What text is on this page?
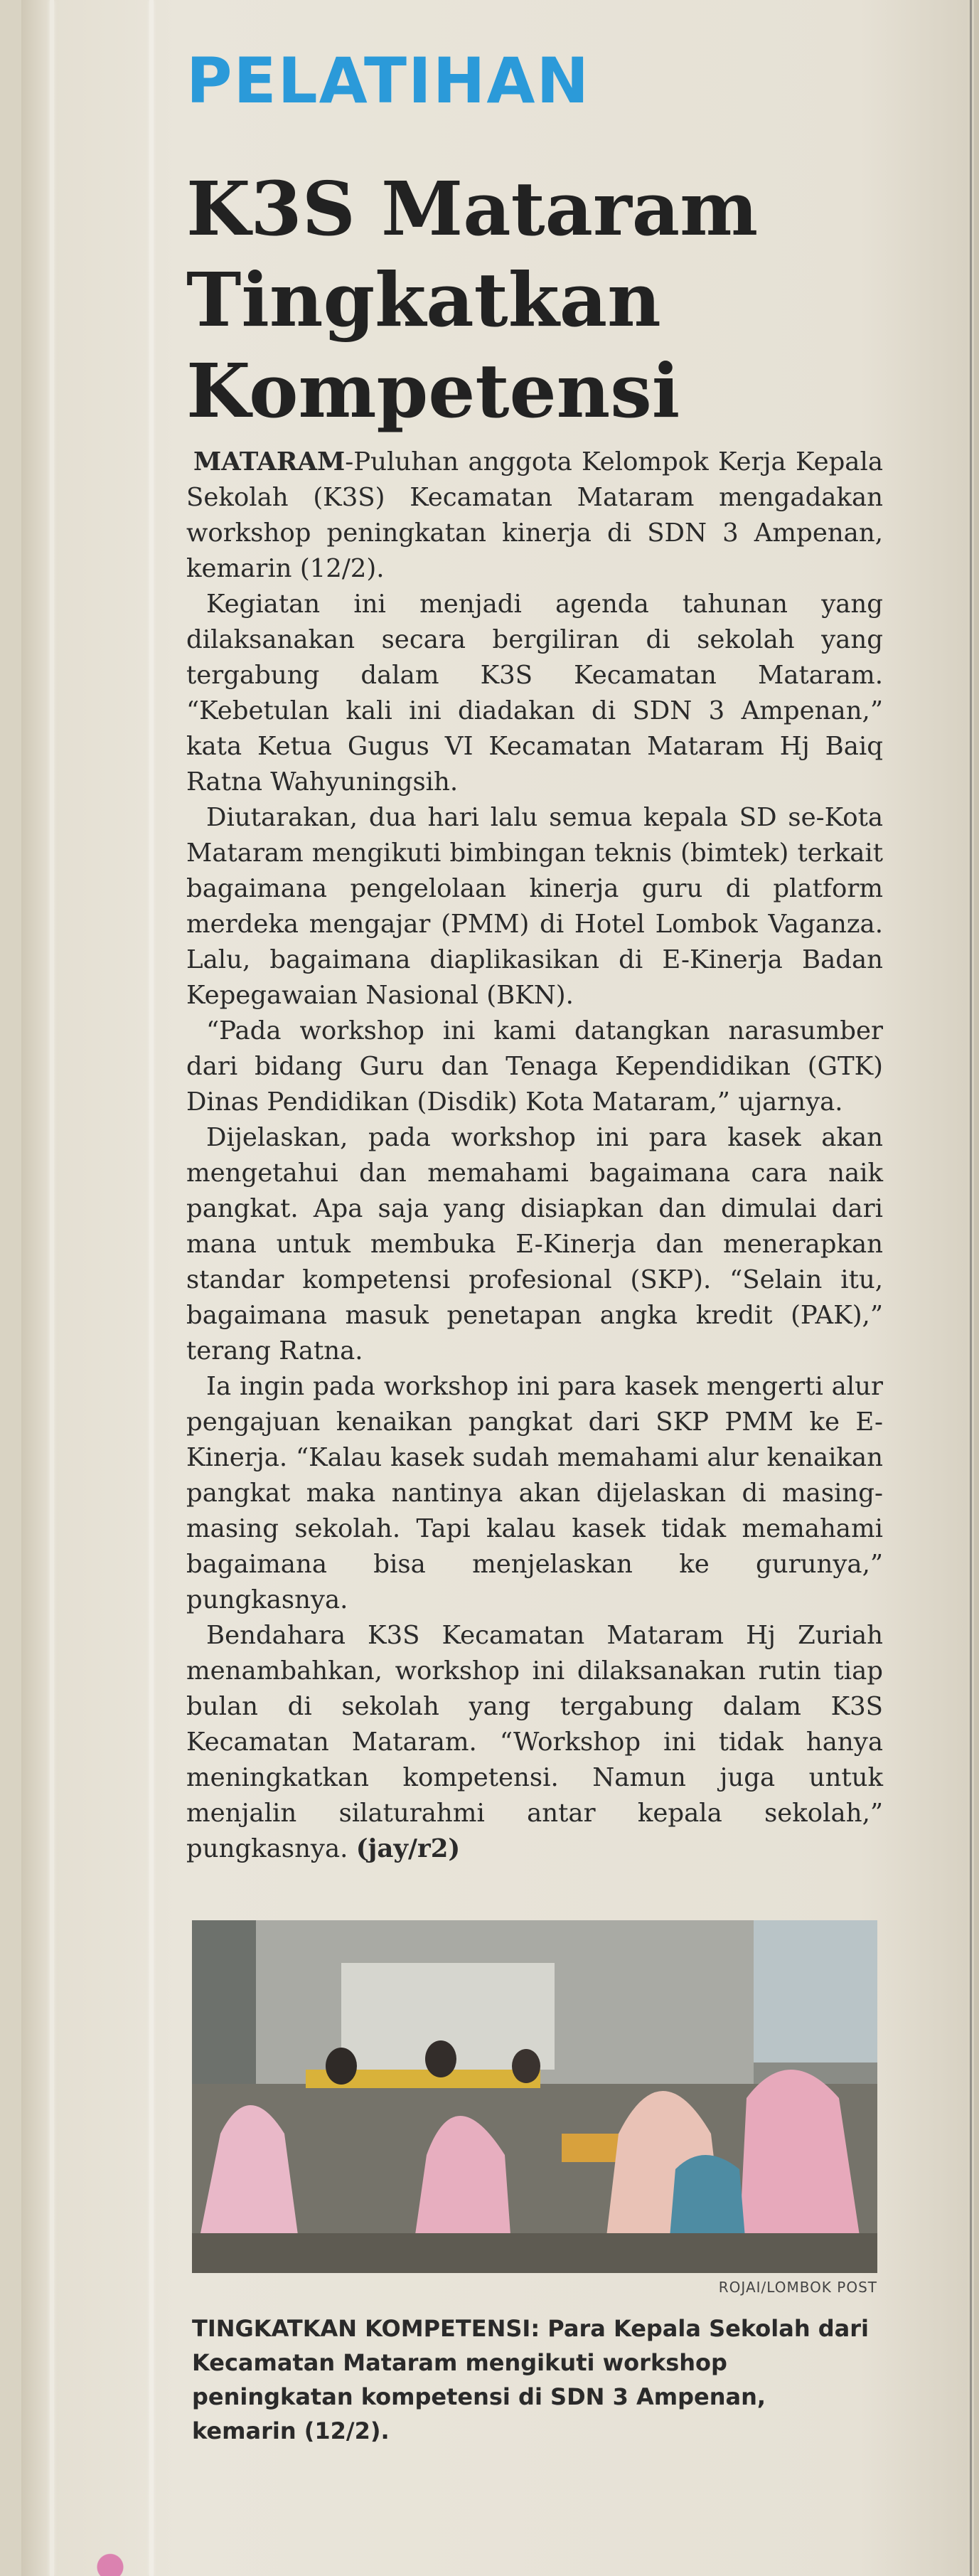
PELATIHAN
K3S Mataram
Tingkatkan
Kompetensi

MATARAM-Puluhan anggota Kelompok Kerja Kepala Sekolah (K3S) Kecamatan Mataram mengadakan workshop peningkatan kinerja di SDN 3 Ampenan, kemarin (12/2).

Kegiatan ini menjadi agenda tahunan yang dilaksanakan secara bergiliran di sekolah yang tergabung dalam K3S Kecamatan Mataram. “Kebetulan kali ini diadakan di SDN 3 Ampenan,” kata Ketua Gugus VI Kecamatan Mataram Hj Baiq Ratna Wahyuningsih.

Diutarakan, dua hari lalu semua kepala SD se-Kota Mataram mengikuti bimbingan teknis (bimtek) terkait bagaimana pengelolaan kinerja guru di platform merdeka mengajar (PMM) di Hotel Lombok Vaganza. Lalu, bagaimana diaplikasikan di E-Kinerja Badan Kepegawaian Nasional (BKN).

“Pada workshop ini kami datangkan narasumber dari bidang Guru dan Tenaga Kependidikan (GTK) Dinas Pendidikan (Disdik) Kota Mataram,” ujarnya.

Dijelaskan, pada workshop ini para kasek akan mengetahui dan memahami bagaimana cara naik pangkat. Apa saja yang disiapkan dan dimulai dari mana untuk membuka E-Kinerja dan menerapkan standar kompetensi profesional (SKP). “Selain itu, bagaimana masuk penetapan angka kredit (PAK),” terang Ratna.

Ia ingin pada workshop ini para kasek mengerti alur pengajuan kenaikan pangkat dari SKP PMM ke E-Kinerja. “Kalau kasek sudah memahami alur kenaikan pangkat maka nantinya akan dijelaskan di masing-masing sekolah. Tapi kalau kasek tidak memahami bagaimana bisa menjelaskan ke gurunya,” pungkasnya.

Bendahara K3S Kecamatan Mataram Hj Zuriah menambahkan, workshop ini dilaksanakan rutin tiap bulan di sekolah yang tergabung dalam K3S Kecamatan Mataram. “Workshop ini tidak hanya meningkatkan kompetensi. Namun juga untuk menjalin silaturahmi antar kepala sekolah,” pungkasnya. (jay/r2)

ROJAI/LOMBOK POST

TINGKATKAN KOMPETENSI: Para Kepala Sekolah dari Kecamatan Mataram mengikuti workshop peningkatan kompetensi di SDN 3 Ampenan, kemarin (12/2).
